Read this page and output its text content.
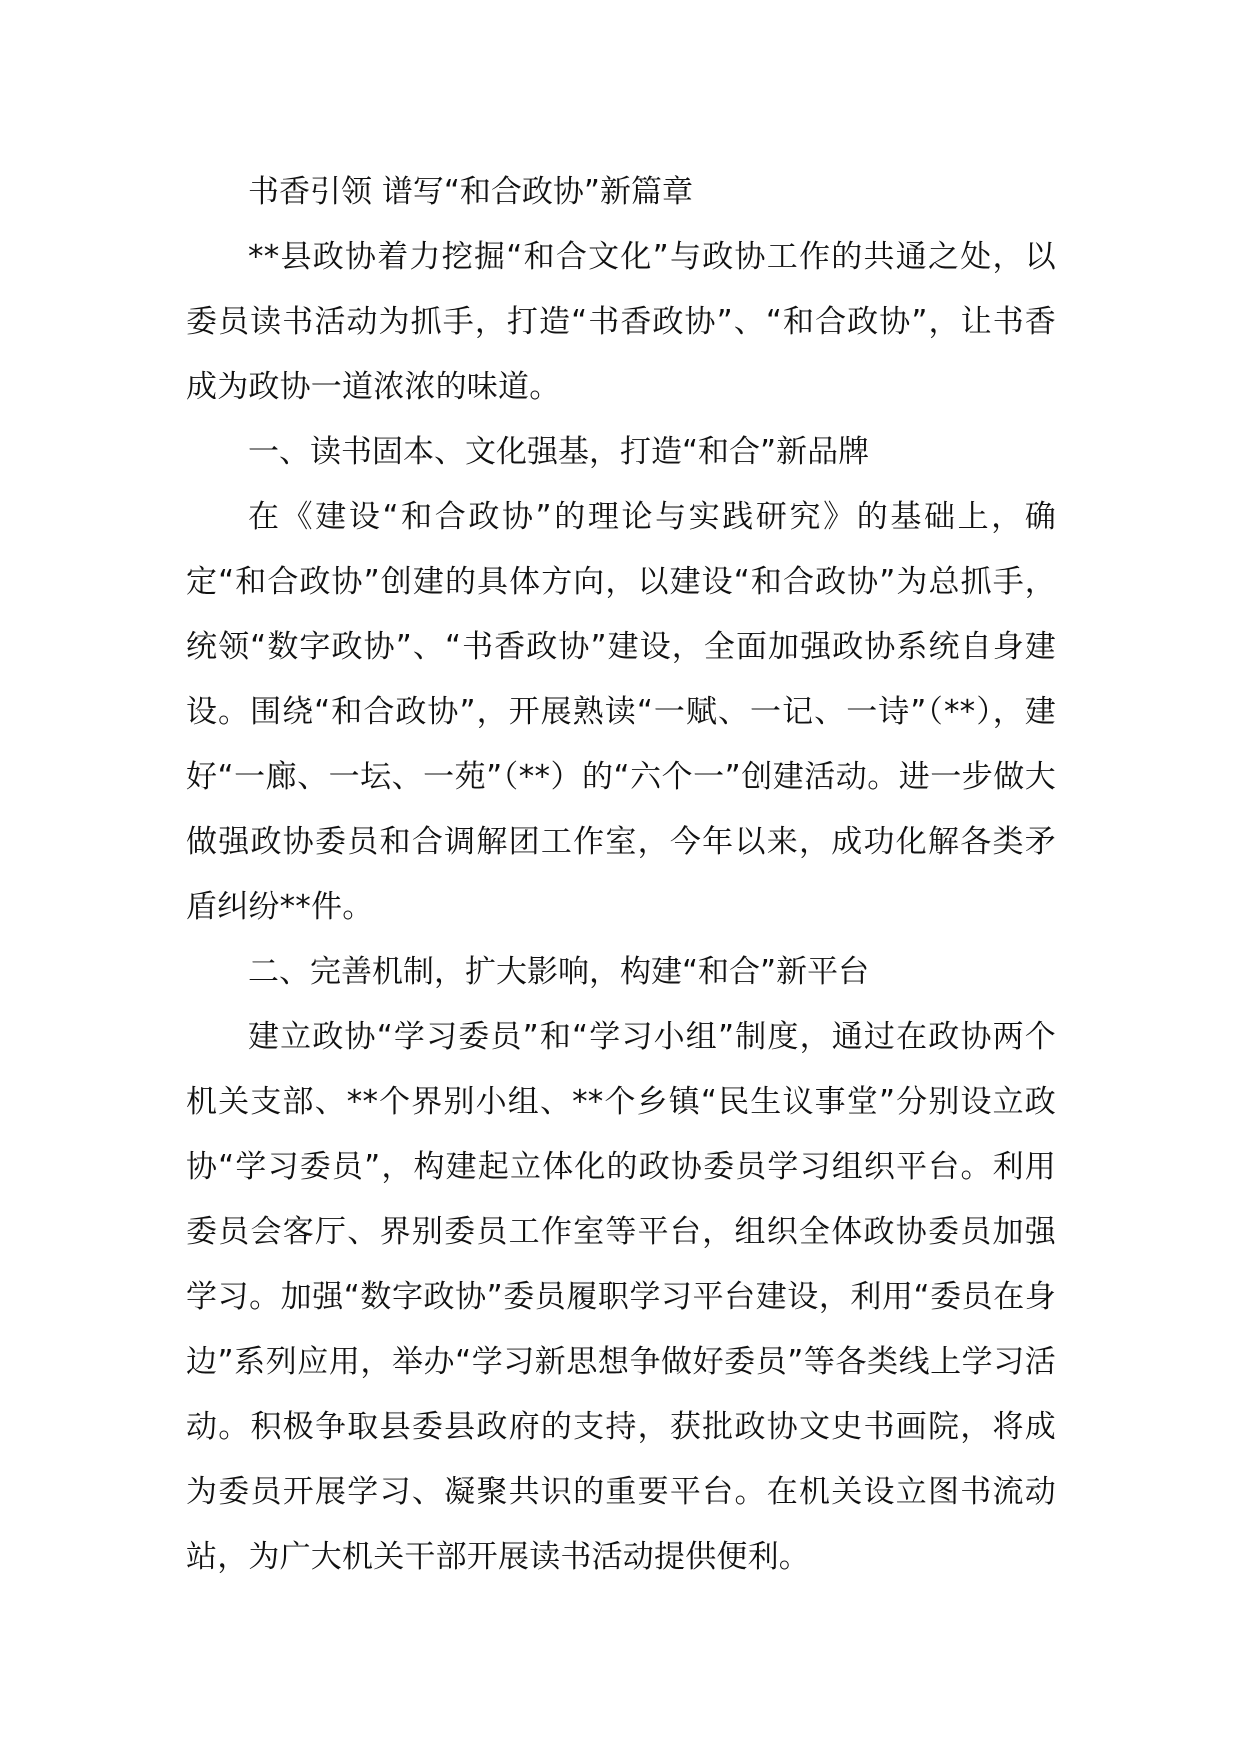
书香引领 谱写“和合政协”新篇章

**县政协着力挖掘“和合文化”与政协工作的共通之处，以委员读书活动为抓手，打造“书香政协”、“和合政协”，让书香成为政协一道浓浓的味道。

一、读书固本、文化强基，打造“和合”新品牌

在《建设“和合政协”的理论与实践研究》的基础上，确定“和合政协”创建的具体方向，以建设“和合政协”为总抓手，统领“数字政协”、“书香政协”建设，全面加强政协系统自身建设。围绕“和合政协”，开展熟读“一赋、一记、一诗”（**），建好“一廊、一坛、一苑”（**）的“六个一”创建活动。进一步做大做强政协委员和合调解团工作室，今年以来，成功化解各类矛盾纠纷**件。

二、完善机制，扩大影响，构建“和合”新平台

建立政协“学习委员”和“学习小组”制度，通过在政协两个机关支部、**个界别小组、**个乡镇“民生议事堂”分别设立政协“学习委员”，构建起立体化的政协委员学习组织平台。利用委员会客厅、界别委员工作室等平台，组织全体政协委员加强学习。加强“数字政协”委员履职学习平台建设，利用“委员在身边”系列应用，举办“学习新思想争做好委员”等各类线上学习活动。积极争取县委县政府的支持，获批政协文史书画院，将成为委员开展学习、凝聚共识的重要平台。在机关设立图书流动站，为广大机关干部开展读书活动提供便利。
